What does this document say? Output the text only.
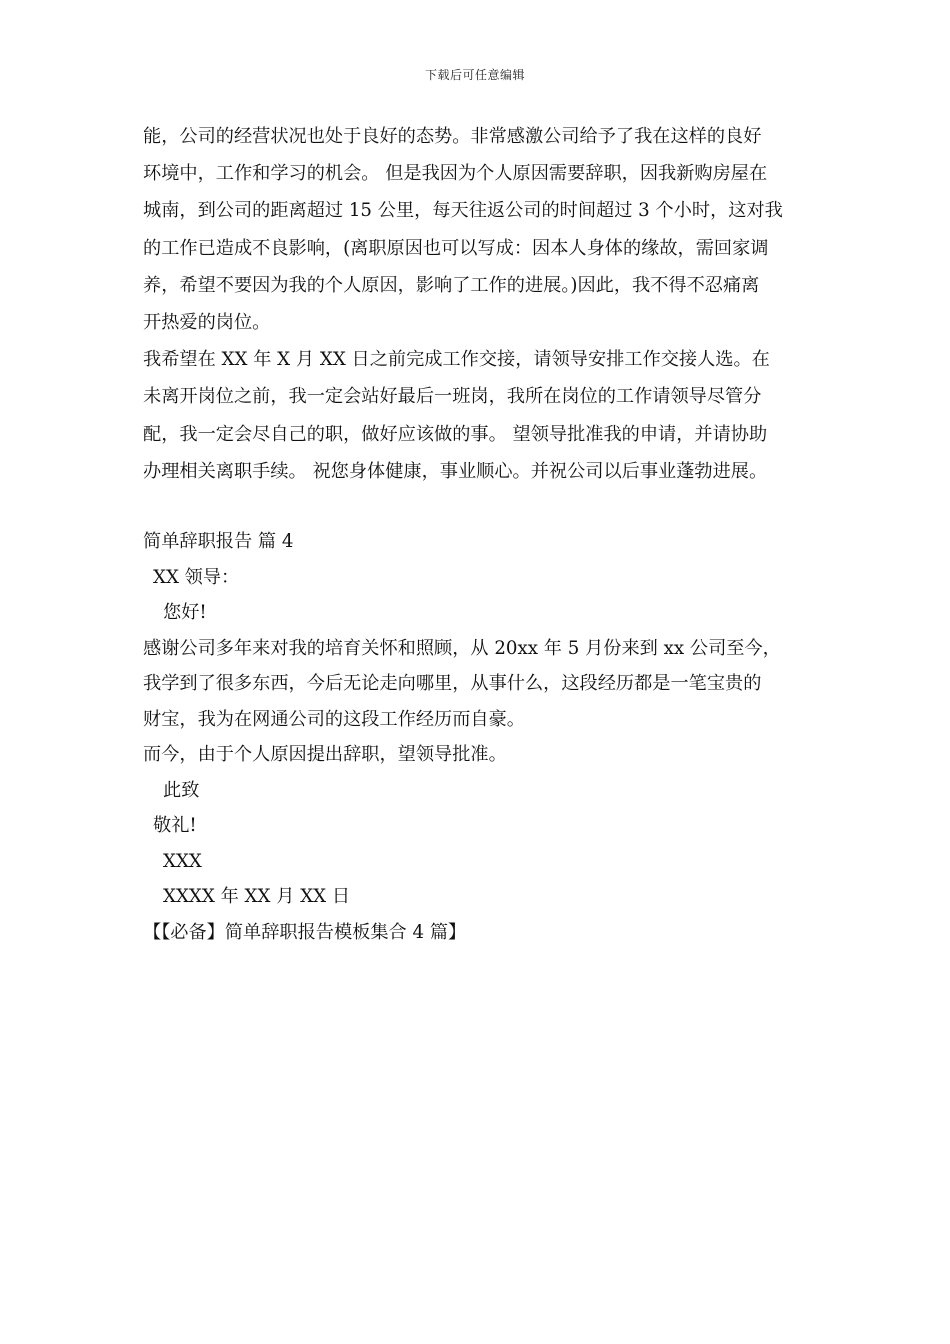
下载后可任意编辑
能，公司的经营状况也处于良好的态势。非常感激公司给予了我在这样的良好
环境中，工作和学习的机会。 但是我因为个人原因需要辞职，因我新购房屋在
城南，到公司的距离超过 15 公里，每天往返公司的时间超过 3 个小时，这对我
的工作已造成不良影响，(离职原因也可以写成：因本人身体的缘故，需回家调
养，希望不要因为我的个人原因，影响了工作的进展。)因此，我不得不忍痛离
开热爱的岗位。
我希望在 XX 年 X 月 XX 日之前完成工作交接，请领导安排工作交接人选。在
未离开岗位之前，我一定会站好最后一班岗，我所在岗位的工作请领导尽管分
配，我一定会尽自己的职，做好应该做的事。 望领导批准我的申请，并请协助
办理相关离职手续。 祝您身体健康，事业顺心。并祝公司以后事业蓬勃进展。
简单辞职报告 篇 4
XX 领导：
您好!
感谢公司多年来对我的培育关怀和照顾，从 20xx 年 5 月份来到 xx 公司至今，
我学到了很多东西，今后无论走向哪里，从事什么，这段经历都是一笔宝贵的
财宝，我为在网通公司的这段工作经历而自豪。
而今，由于个人原因提出辞职，望领导批准。
此致
敬礼!
XXX
XXXX 年 XX 月 XX 日
【【必备】简单辞职报告模板集合 4 篇】
